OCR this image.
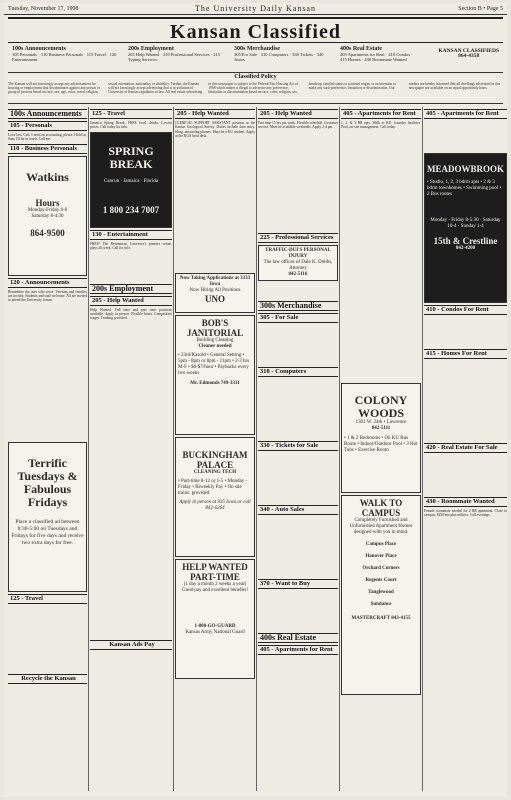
Tuesday, November 17, 1998	The University Daily Kansan	Section B • Page 5
Kansan Classified
100s Announcements
105 Personals · 110 Business Personals · 115 Travel · 120 Entertainment
200s Employment
205 Help Wanted · 210 Professional Services · 215 Typing Services
300s Merchandise
305 For Sale · 310 Computers · 330 Tickets · 340 Autos
400s Real Estate
405 Apartments for Rent · 410 Condos · 415 Homes · 430 Roommate Wanted
KANSAN CLASSIFIEDS
864-4358
Classified Policy
The Kansan will not knowingly accept any advertisement for housing or employment that discriminates against any person or group of persons based on race, sex, age, color, creed, religion, sexual orientation, nationality or disability. Further, the Kansan will not knowingly accept advertising that is in violation of University of Kansas regulation or law. All real estate advertising in this newspaper is subject to the Federal Fair Housing Act of 1968 which makes it illegal to advertise any preference, limitation or discrimination based on race, color, religion, sex, handicap, familial status or national origin, or an intention to make any such preference, limitation or discrimination. Our readers are hereby informed that all dwellings advertised in this newspaper are available on an equal opportunity basis.
100s Announcements
105 - Personals
Love lost, Cali. I need an accounting, please. Hold on, Sam, I'll be in touch. Call me.
110 - Business Personals
Watkins
Hours
Monday-Friday 8-8
Saturday 8-4:30
864-9500
120 - Announcements
Remember the ones who serve. Veterans and families are invited. Students and staff welcome. All are invited to attend the University forum.
Terrific Tuesdays & Fabulous Fridays
Place a classified ad between 8:30-5:00 on Tuesdays and Fridays for five days and receive two extra days for free.
125 - Travel
Recycle the Kansan
125 - Travel
Jamaica Spring Break. FREE food, drinks. Lowest prices. Call today for info.
SPRING BREAK
Cancun · Jamaica · Florida
1 800 234 7007
130 - Entertainment
FREE! The Retirement, Lawrence's premier venue, plays all week. Call for info.
200s Employment
205 - Help Wanted
Help Wanted: Full time and part time positions available. Apply in person. Flexible hours. Competitive wages. Training provided.
Kansan Ads Pay
205 - Help Wanted
CLERICAL SUPPORT ASSISTANT position at the Kansas Geological Survey. Duties include data entry, filing, answering phones. Must be a KU student. Apply at the KGS front desk.
Now Taking Applications at 3333 Iowa
Now Hiring All Positions
UNO
BOB'S JANITORIAL
Building Cleaning
Cleaner needed
• 23rd/Kasold • General Setting • 5pm - 8pm or 8pm - 11pm • 2-3 hrs M-F • $6-$7/hour • Paybacks every two weeks
Mr. Edmonds 749-3311
BUCKINGHAM PALACE
CLEANING TECH
• Part-time 8-12 or 1-5 • Monday - Friday • Biweekly Pay • On site trains. provided
Apply in person at 935 Iowa or call 842-6264
HELP WANTED PART-TIME
(1 day a month 2 weeks a year) Great pay and excellent benefits!
1-800-GO-GUARD
Kansas Army National Guard
205 - Help Wanted
Part time 15 hrs per week. Flexible schedule. Customer service. Must be available weekends. Apply 2-4 pm.
225 - Professional Services
TRAFFIC-DUI'S PERSONAL INJURY
The law offices of Dale K. Dobbs, Attorney
842-5116
300s Merchandise
305 - For Sale
310 - Computers
330 - Tickets for Sale
340 - Auto Sales
370 - Want to Buy
400s Real Estate
405 - Apartments for Rent
405 - Apartments for Rent
1, 2, & 3 BR apts. Walk to KU. Laundry facilities. Pool, on-site management. Call today.
COLONY WOODS
1301 W. 24th • Lawrence
842-5111
• 1 & 2 Bedrooms • On KU Bus Route • Indoor/Outdoor Pool • 3 Hot Tubs • Exercise Room
WALK TO CAMPUS
Completely Furnished and Unfurnished Apartment Homes designed with you in mind.
Campus Place
Hanover Place
Orchard Corners
Regents Court
Tanglewood
Sundance
MASTERCRAFT 843-4155
405 - Apartments for Rent
MEADOWBROOK
• Studio, 1, 2, 3 bdrm apts • 2 & 3 bdrm townhomes • Swimming pool • 2 Bus routes
Monday - Friday 8-5:30 · Saturday 10-4 · Sunday 1-4
15th & Crestline
842-4200
410 - Condos For Rent
415 - Homes For Rent
420 - Real Estate For Sale
430 - Roommate Wanted
Female roommate needed for 2 BR apartment. Close to campus. $250/mo plus utilities. Call evenings.
